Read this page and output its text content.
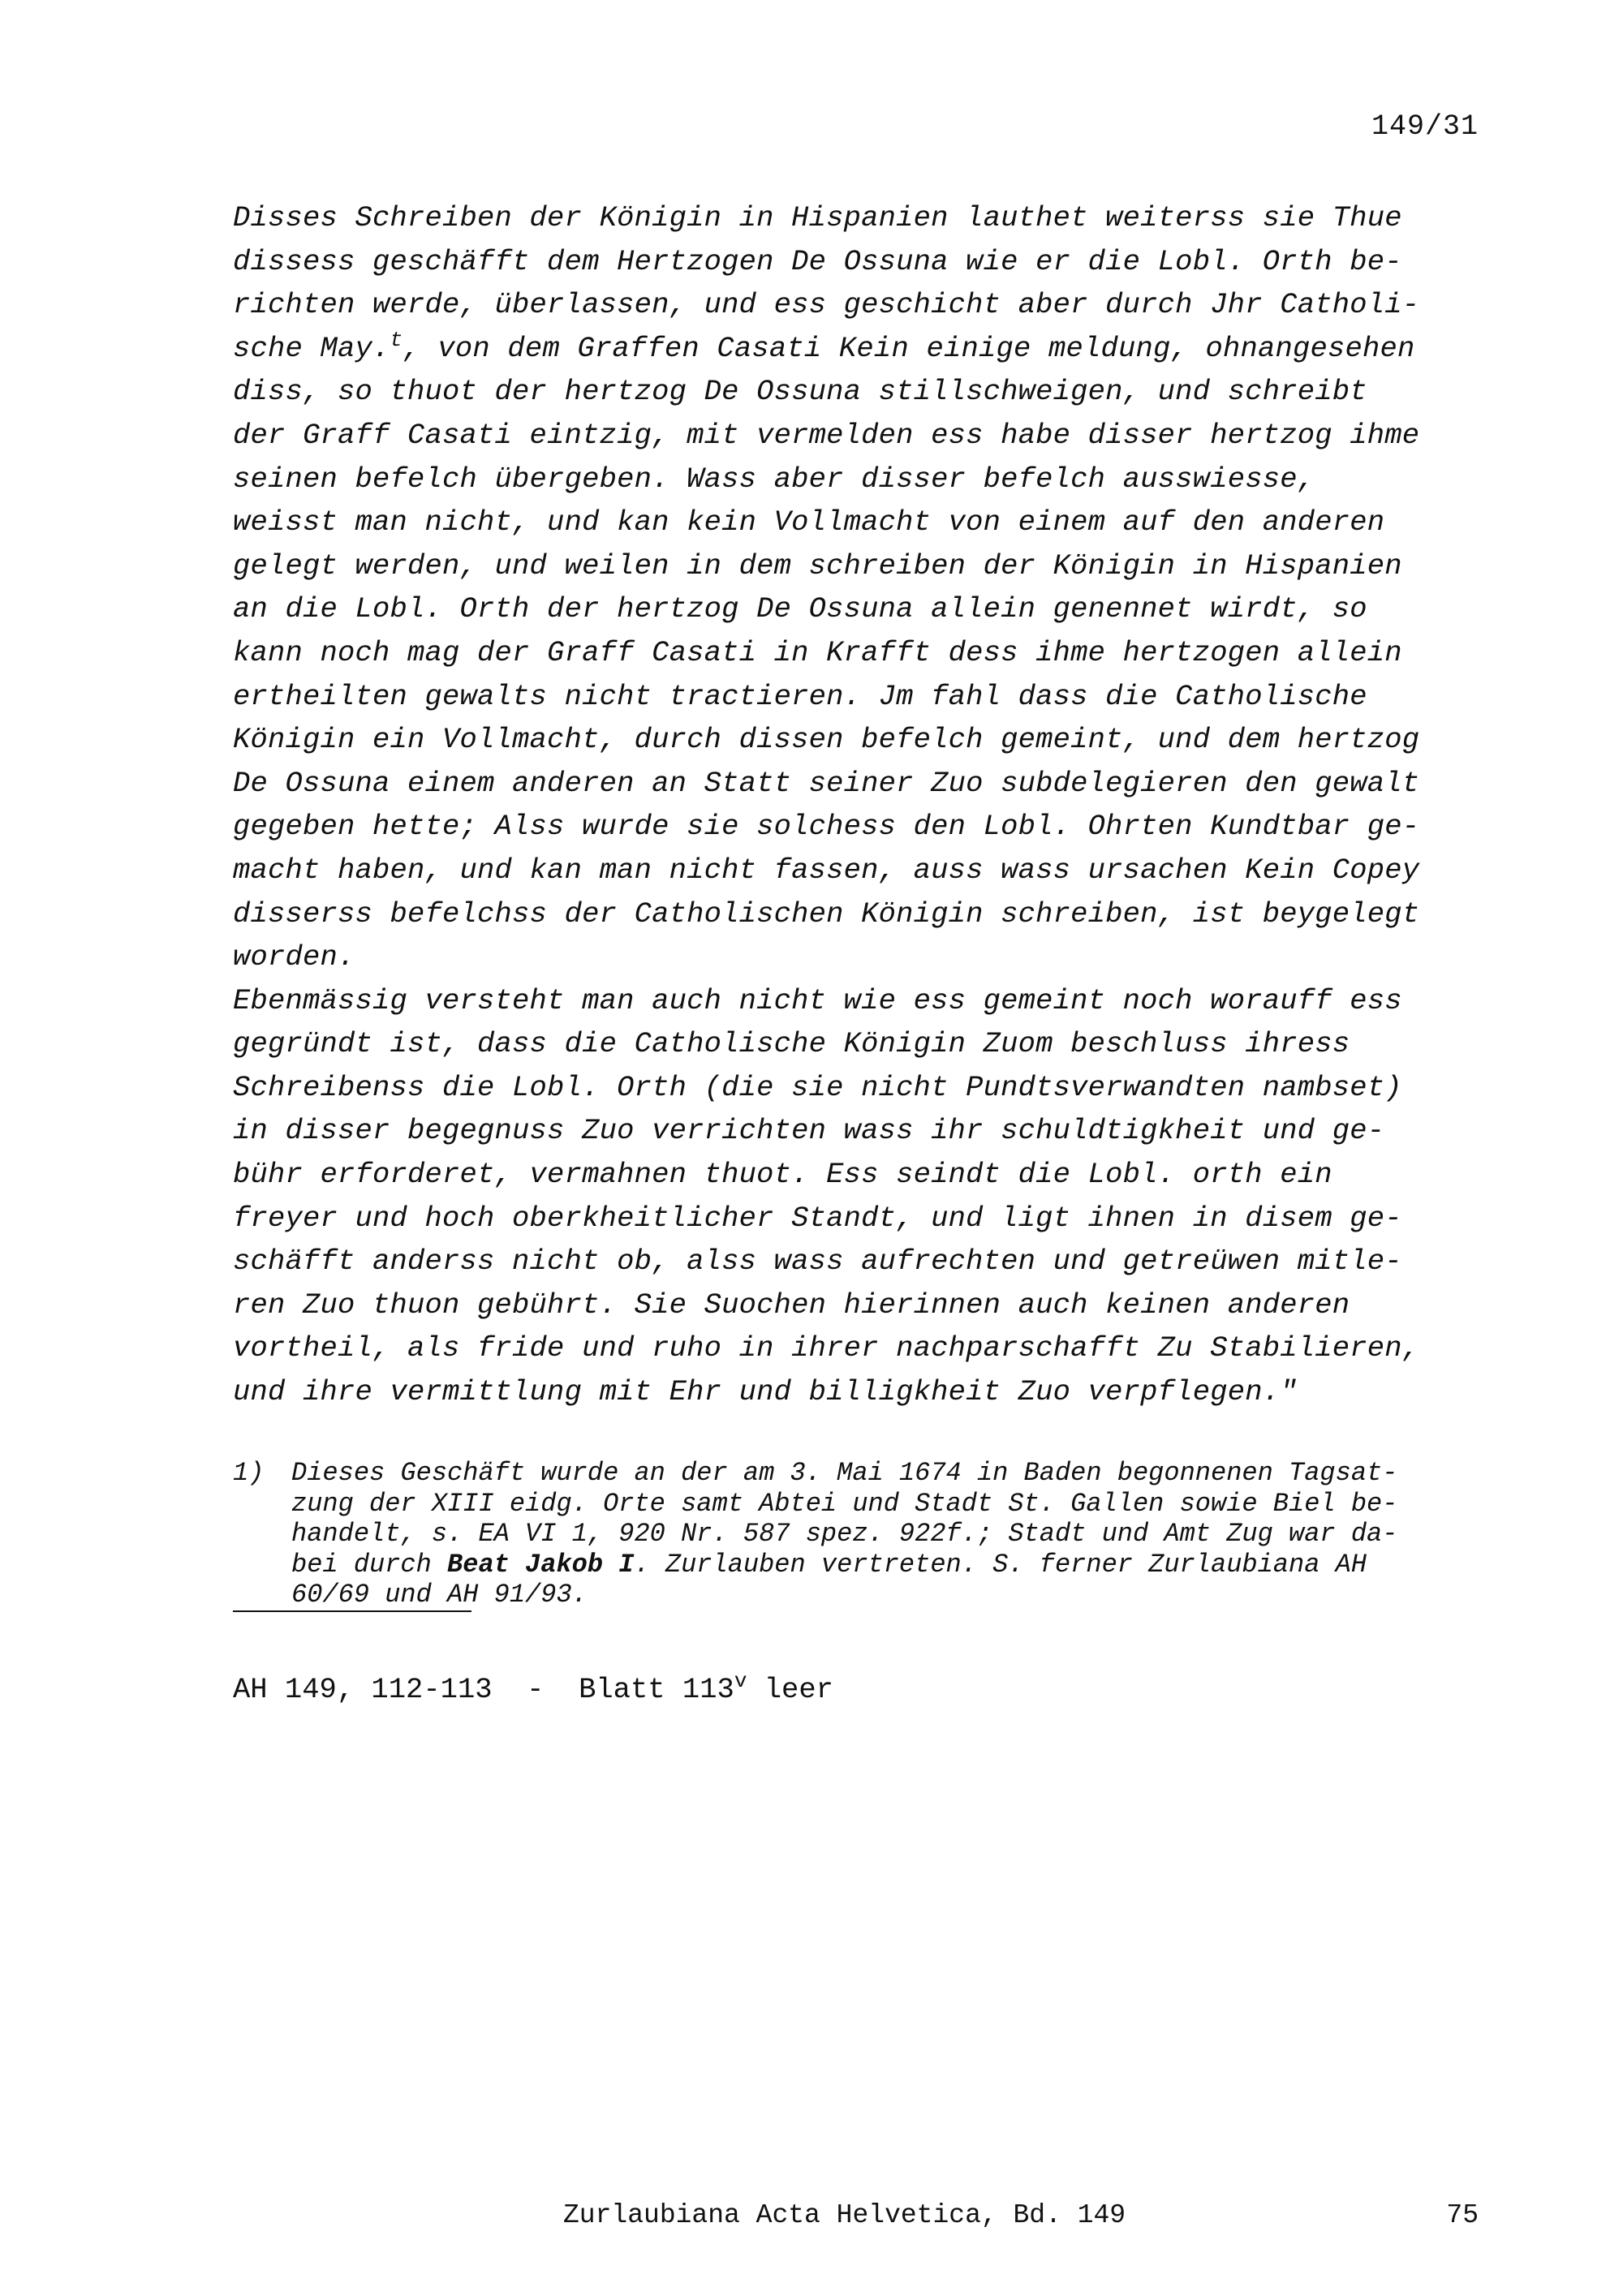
149/31
Disses Schreiben der Königin in Hispanien lauthet weiterss sie Thue
dissess geschäfft dem Hertzogen De Ossuna wie er die Lobl. Orth be-
richten werde, überlassen, und ess geschicht aber durch Jhr Catholi-
sche May.$^t$, von dem Graffen Casati Kein einige meldung, ohnangesehen
diss, so thuot der hertzog De Ossuna stillschweigen, und schreibt
der Graff Casati eintzig, mit vermelden ess habe disser hertzog ihme
seinen befelch übergeben. Wass aber disser befelch ausswiesse,
weisst man nicht, und kan kein Vollmacht von einem auf den anderen
gelegt werden, und weilen in dem schreiben der Königin in Hispanien
an die Lobl. Orth der hertzog De Ossuna allein genennet wirdt, so
kann noch mag der Graff Casati in Krafft dess ihme hertzogen allein
ertheilten gewalts nicht tractieren. Jm fahl dass die Catholische
Königin ein Vollmacht, durch dissen befelch gemeint, und dem hertzog
De Ossuna einem anderen an Statt seiner Zuo subdelegieren den gewalt
gegeben hette; Alss wurde sie solchess den Lobl. Ohrten Kundtbar ge-
macht haben, und kan man nicht fassen, auss wass ursachen Kein Copey
disserss befelchss der Catholischen Königin schreiben, ist beygelegt
worden.
Ebenmässig versteht man auch nicht wie ess gemeint noch worauff ess
gegründt ist, dass die Catholische Königin Zuom beschluss ihress
Schreibenss die Lobl. Orth (die sie nicht Pundtsverwandten nambset)
in disser begegnuss Zuo verrichten wass ihr schuldtigkheit und ge-
bühr erforderet, vermahnen thuot. Ess seindt die Lobl. orth ein
freyer und hoch oberkheitlicher Standt, und ligt ihnen in disem ge-
schäfft anderss nicht ob, alss wass aufrechten und getreüwen mitle-
ren Zuo thuon gebührt. Sie Suochen hierinnen auch keinen anderen
vortheil, als fride und ruho in ihrer nachparschafft Zu Stabilieren,
und ihre vermittlung mit Ehr und billigkheit Zuo verpflegen."
1) Dieses Geschäft wurde an der am 3. Mai 1674 in Baden begonnenen Tagsat-
zung der XIII eidg. Orte samt Abtei und Stadt St. Gallen sowie Biel be-
handelt, s. EA VI 1, 920 Nr. 587 spez. 922f.; Stadt und Amt Zug war da-
bei durch Beat Jakob I. Zurlauben vertreten. S. ferner Zurlaubiana AH
60/69 und AH 91/93.
AH 149, 112-113  -  Blatt 113$^v$ leer
Zurlaubiana Acta Helvetica, Bd. 149	75
